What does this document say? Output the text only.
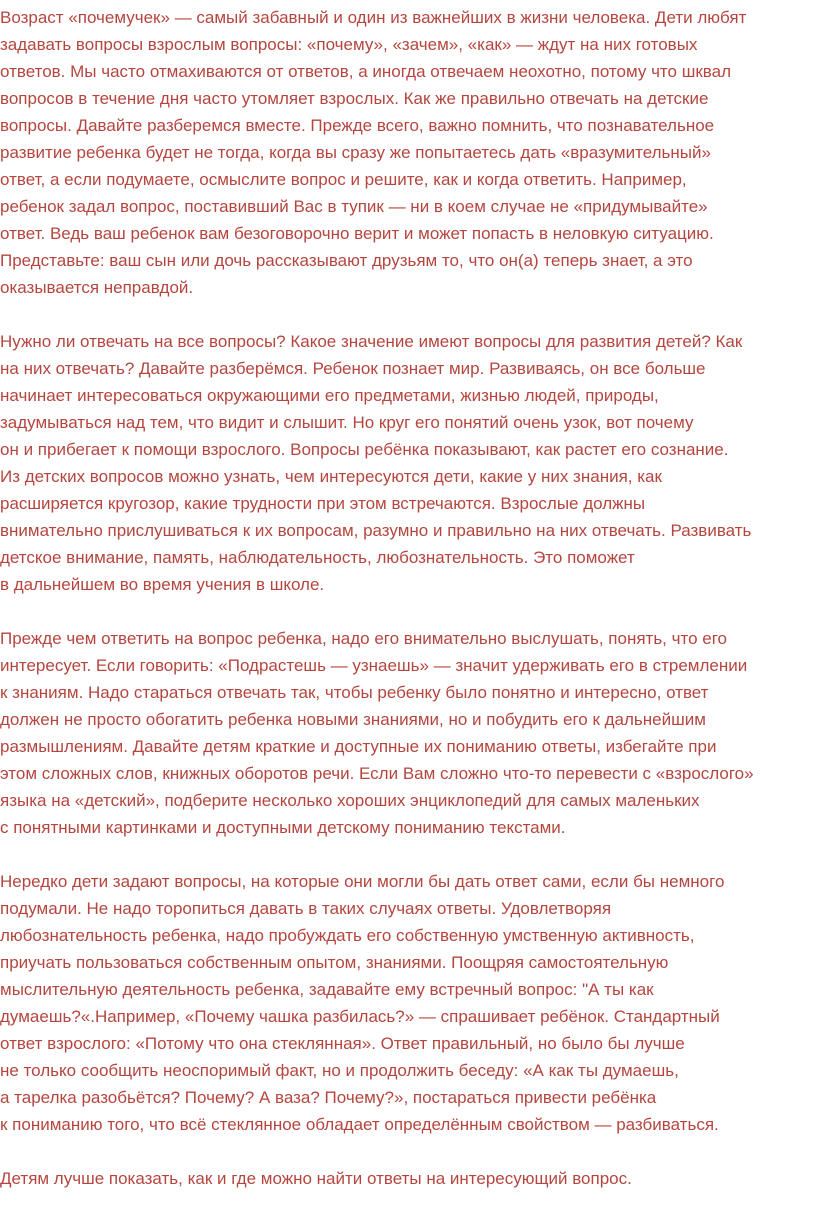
Возраст «почемучек» — самый забавный и один из важнейших в жизни человека. Дети любят
задавать вопросы взрослым вопросы: «почему», «зачем», «как» — ждут на них готовых
ответов. Мы часто отмахиваются от ответов, а иногда отвечаем неохотно, потому что шквал
вопросов в течение дня часто утомляет взрослых. Как же правильно отвечать на детские
вопросы. Давайте разберемся вместе. Прежде всего, важно помнить, что познавательное
развитие ребенка будет не тогда, когда вы сразу же попытаетесь дать «вразумительный»
ответ, а если подумаете, осмыслите вопрос и решите, как и когда ответить. Например,
ребенок задал вопрос, поставивший Вас в тупик — ни в коем случае не «придумывайте»
ответ. Ведь ваш ребенок вам безоговорочно верит и может попасть в неловкую ситуацию.
Представьте: ваш сын или дочь рассказывают друзьям то, что он(а) теперь знает, а это
оказывается неправдой.
Нужно ли отвечать на все вопросы? Какое значение имеют вопросы для развития детей? Как
на них отвечать? Давайте разберёмся. Ребенок познает мир. Развиваясь, он все больше
начинает интересоваться окружающими его предметами, жизнью людей, природы,
задумываться над тем, что видит и слышит. Но круг его понятий очень узок, вот почему
он и прибегает к помощи взрослого. Вопросы ребёнка показывают, как растет его сознание.
Из детских вопросов можно узнать, чем интересуются дети, какие у них знания, как
расширяется кругозор, какие трудности при этом встречаются. Взрослые должны
внимательно прислушиваться к их вопросам, разумно и правильно на них отвечать. Развивать
детское внимание, память, наблюдательность, любознательность. Это поможет
в дальнейшем во время учения в школе.
Прежде чем ответить на вопрос ребенка, надо его внимательно выслушать, понять, что его
интересует. Если говорить: «Подрастешь — узнаешь» — значит удерживать его в стремлении
к знаниям. Надо стараться отвечать так, чтобы ребенку было понятно и интересно, ответ
должен не просто обогатить ребенка новыми знаниями, но и побудить его к дальнейшим
размышлениям. Давайте детям краткие и доступные их пониманию ответы, избегайте при
этом сложных слов, книжных оборотов речи. Если Вам сложно что-то перевести с «взрослого»
языка на «детский», подберите несколько хороших энциклопедий для самых маленьких
с понятными картинками и доступными детскому пониманию текстами.
Нередко дети задают вопросы, на которые они могли бы дать ответ сами, если бы немного
подумали. Не надо торопиться давать в таких случаях ответы. Удовлетворяя
любознательность ребенка, надо пробуждать его собственную умственную активность,
приучать пользоваться собственным опытом, знаниями. Поощряя самостоятельную
мыслительную деятельность ребенка, задавайте ему встречный вопрос: "А ты как
думаешь?«.Например, «Почему чашка разбилась?» — спрашивает ребёнок. Стандартный
ответ взрослого: «Потому что она стеклянная». Ответ правильный, но было бы лучше
не только сообщить неоспоримый факт, но и продолжить беседу: «А как ты думаешь,
а тарелка разобьётся? Почему? А ваза? Почему?», постараться привести ребёнка
к пониманию того, что всё стеклянное обладает определённым свойством — разбиваться.
Детям лучше показать, как и где можно найти ответы на интересующий вопрос.
